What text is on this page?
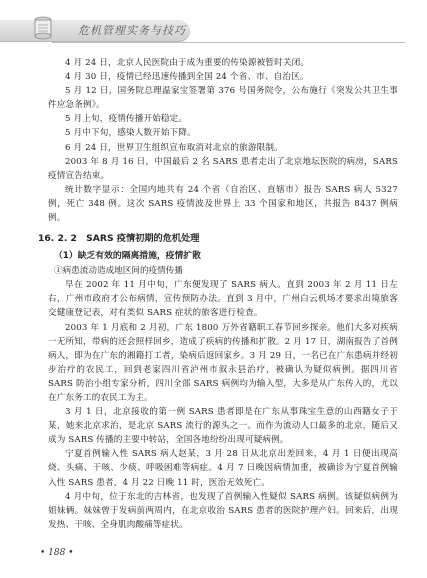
危机管理实务与技巧

4 月 24 日，北京人民医院由于成为重要的传染源被暂时关闭。

4 月 30 日，疫情已经迅速传播到全国 24 个省、市、自治区。

5 月 12 日，国务院总理温家宝签署第 376 号国务院令，公布施行《突发公共卫生事件应急条例》。

5 月上旬，疫情传播开始稳定。

5 月中下旬，感染人数开始下降。

6 月 24 日，世界卫生组织宣布取消对北京的旅游限制。

2003 年 8 月 16 日，中国最后 2 名 SARS 患者走出了北京地坛医院的病房，SARS 疫情宣告结束。

统计数字显示：全国内地共有 24 个省（自治区、直辖市）报告 SARS 病人 5327 例，死亡 348 例。这次 SARS 疫情波及世界上 33 个国家和地区，共报告 8437 例病例。

16. 2. 2　SARS 疫情初期的危机处理
（1）缺乏有效的隔离措施，疫情扩散
①病患流动造成地区间的疫情传播

早在 2002 年 11 月中旬，广东便发现了 SARS 病人。直到 2003 年 2 月 11 日左右，广州市政府才公布病情，宣传预防办法。直到 3 月中，广州白云机场才要求出境旅客交健康登记表，对有类似 SARS 症状的旅客进行检查。

2003 年 1 月底和 2 月初，广东 1800 万外省籍职工春节回乡探亲。他们大多对疾病一无所知，带病的还会照样回乡，造成了疾病的传播和扩散。2 月 17 日，湖南报告了首例病人，即为在广东的湘籍打工者，染病后返回家乡。3 月 29 日，一名已在广东患病并经初步治疗的农民工，回到老家四川省泸州市叙永县治疗，被确认为疑似病例。据四川省 SARS 防治小组专家分析，四川全部 SARS 病例均为输入型，大多是从广东传入的，尤以在广东务工的农民工为主。

3 月 1 日，北京接收的第一例 SARS 患者即是在广东从事珠宝生意的山西籍女子于某，她来北京求治，是北京 SARS 流行的源头之一。而作为流动人口最多的北京，随后又成为 SARS 传播的主要中转站，全国各地纷纷出现可疑病例。

宁夏首例输入性 SARS 病人赵某，3 月 28 日从北京出差回来，4 月 1 日便出现高烧、头痛、干咳、少痰、呼吸困难等病症。4 月 7 日晚因病情加重，被确诊为宁夏首例输入性 SARS 患者，4 月 22 日晚 11 时，医治无效死亡。

4 月中旬，位于东北的吉林省，也发现了首例输入性疑似 SARS 病例。该疑似病例为姐妹俩。妹妹曾于发病前两周内，在北京收治 SARS 患者的医院护理产妇。回来后，出现发热、干咳、全身肌肉酸痛等症状。

• 188 •
